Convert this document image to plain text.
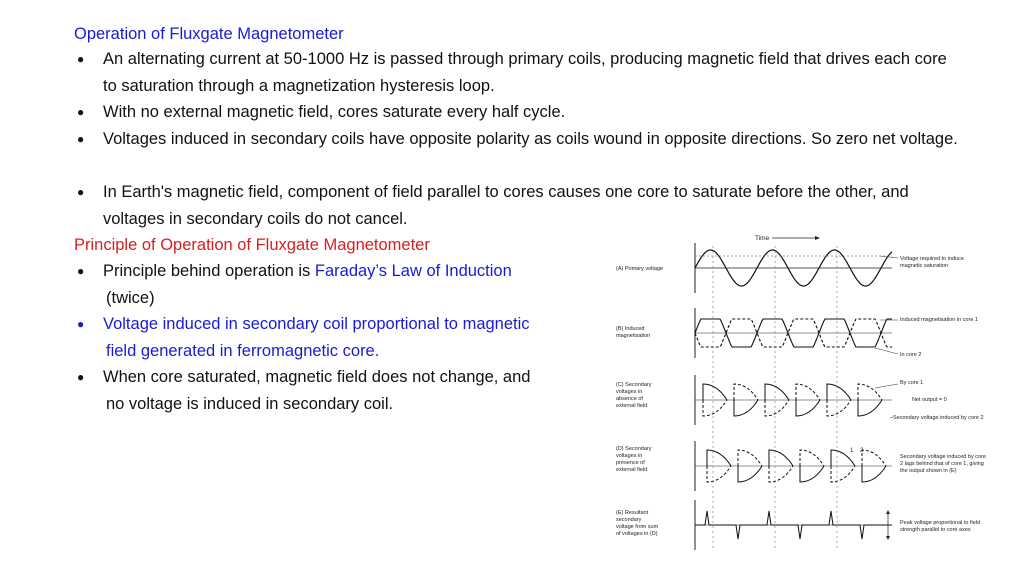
Operation of Fluxgate Magnetometer
● An alternating current at 50-1000 Hz is passed through primary coils, producing magnetic field that drives each core to saturation through a magnetization hysteresis loop.
● With no external magnetic field, cores saturate every half cycle.
● Voltages induced in secondary coils have opposite polarity as coils wound in opposite directions. So zero net voltage.
● In Earth's magnetic field, component of field parallel to cores causes one core to saturate before the other, and voltages in secondary coils do not cancel.
Principle of Operation of Fluxgate Magnetometer
● Principle behind operation is Faraday’s Law of Induction
(twice)
● Voltage induced in secondary coil proportional to magnetic
field generated in ferromagnetic core.
● When core saturated, magnetic field does not change, and
no voltage is induced in secondary coil.
Time
(A) Primary voltage
(B) Induced
magnetisation
(C) Secondary
voltages in
absence of
external field
(D) Secondary
voltages in
presence of
external field
(E) Resultant
secondary
voltage from sum
of voltages in (D)
1 2
Voltage required to induce
magnetic saturation
Induced magnetisation in core 1
In core 2
By core 1
Net output = 0
Secondary voltage induced by core 2
Secondary voltage induced by core
2 lags behind that of core 1, giving
the output shown in (E)
Peak voltage proportional to field
strength parallel to core axes
